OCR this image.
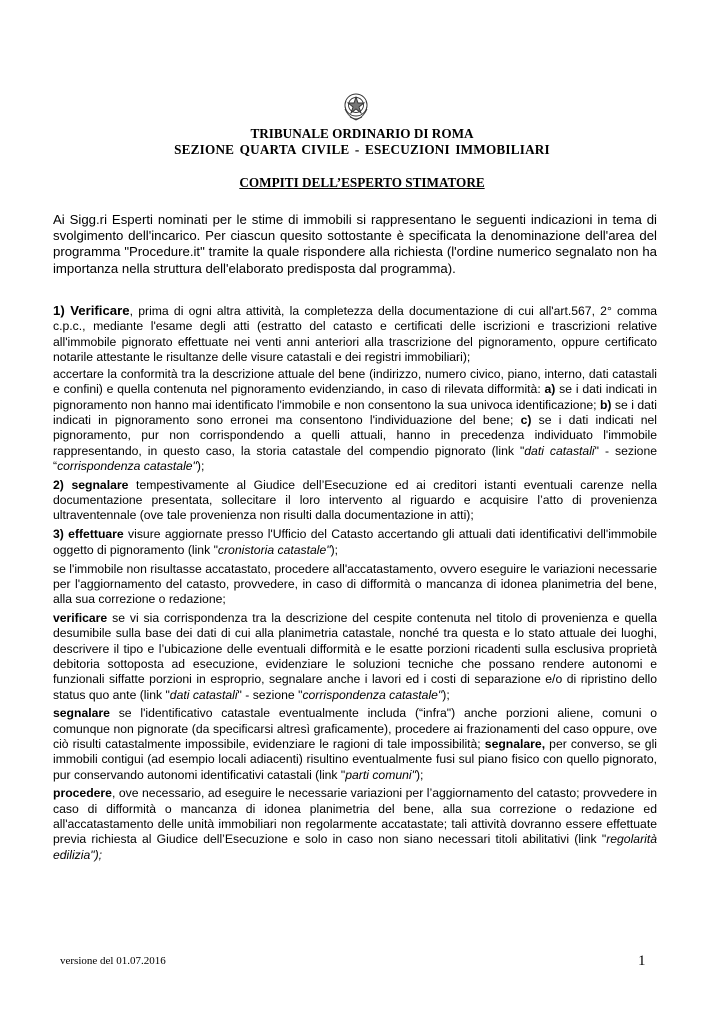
TRIBUNALE ORDINARIO DI ROMA
SEZIONE QUARTA CIVILE - ESECUZIONI IMMOBILIARI
COMPITI DELL’ESPERTO STIMATORE
Ai Sigg.ri Esperti nominati per le stime di immobili si rappresentano le seguenti indicazioni in tema di svolgimento dell'incarico. Per ciascun quesito sottostante è specificata la denominazione dell'area del programma "Procedure.it" tramite la quale rispondere alla richiesta (l'ordine numerico segnalato non ha importanza nella struttura dell'elaborato predisposta dal programma).

1) Verificare, prima di ogni altra attività, la completezza della documentazione di cui all'art.567, 2° comma c.p.c., mediante l'esame degli atti (estratto del catasto e certificati delle iscrizioni e trascrizioni relative all'immobile pignorato effettuate nei venti anni anteriori alla trascrizione del pignoramento, oppure certificato notarile attestante le risultanze delle visure catastali e dei registri immobiliari);

accertare la conformità tra la descrizione attuale del bene (indirizzo, numero civico, piano, interno, dati catastali e confini) e quella contenuta nel pignoramento evidenziando, in caso di rilevata difformità: a) se i dati indicati in pignoramento non hanno mai identificato l'immobile e non consentono la sua univoca identificazione; b) se i dati indicati in pignoramento sono erronei ma consentono l'individuazione del bene; c) se i dati indicati nel pignoramento, pur non corrispondendo a quelli attuali, hanno in precedenza individuato l'immobile rappresentando, in questo caso, la storia catastale del compendio pignorato (link "dati catastali" - sezione “corrispondenza catastale");

2) segnalare tempestivamente al Giudice dell’Esecuzione ed ai creditori istanti eventuali carenze nella documentazione presentata, sollecitare il loro intervento al riguardo e acquisire l’atto di provenienza ultraventennale (ove tale provenienza non risulti dalla documentazione in atti);

3) effettuare visure aggiornate presso l'Ufficio del Catasto accertando gli attuali dati identificativi dell'immobile oggetto di pignoramento (link "cronistoria catastale");

se l'immobile non risultasse accatastato, procedere all'accatastamento, ovvero eseguire le variazioni necessarie per l'aggiornamento del catasto, provvedere, in caso di difformità o mancanza di idonea planimetria del bene, alla sua correzione o redazione;

verificare se vi sia corrispondenza tra la descrizione del cespite contenuta nel titolo di provenienza e quella desumibile sulla base dei dati di cui alla planimetria catastale, nonché tra questa e lo stato attuale dei luoghi, descrivere il tipo e l’ubicazione delle eventuali difformità e le esatte porzioni ricadenti sulla esclusiva proprietà debitoria sottoposta ad esecuzione, evidenziare le soluzioni tecniche che possano rendere autonomi e funzionali siffatte porzioni in esproprio, segnalare anche i lavori ed i costi di separazione e/o di ripristino dello status quo ante (link "dati catastali" - sezione "corrispondenza catastale");

segnalare se l'identificativo catastale eventualmente includa (“infra") anche porzioni aliene, comuni o comunque non pignorate (da specificarsi altresì graficamente), procedere ai frazionamenti del caso oppure, ove ciò risulti catastalmente impossibile, evidenziare le ragioni di tale impossibilità; segnalare, per converso, se gli immobili contigui (ad esempio locali adiacenti) risultino eventualmente fusi sul piano fisico con quello pignorato, pur conservando autonomi identificativi catastali (link "parti comuni");

procedere, ove necessario, ad eseguire le necessarie variazioni per l’aggiornamento del catasto; provvedere in caso di difformità o mancanza di idonea planimetria del bene, alla sua correzione o redazione ed all'accatastamento delle unità immobiliari non regolarmente accatastate; tali attività dovranno essere effettuate previa richiesta al Giudice dell’Esecuzione e solo in caso non siano necessari titoli abilitativi (link "regolarità edilizia");

versione del 01.07.2016	1
